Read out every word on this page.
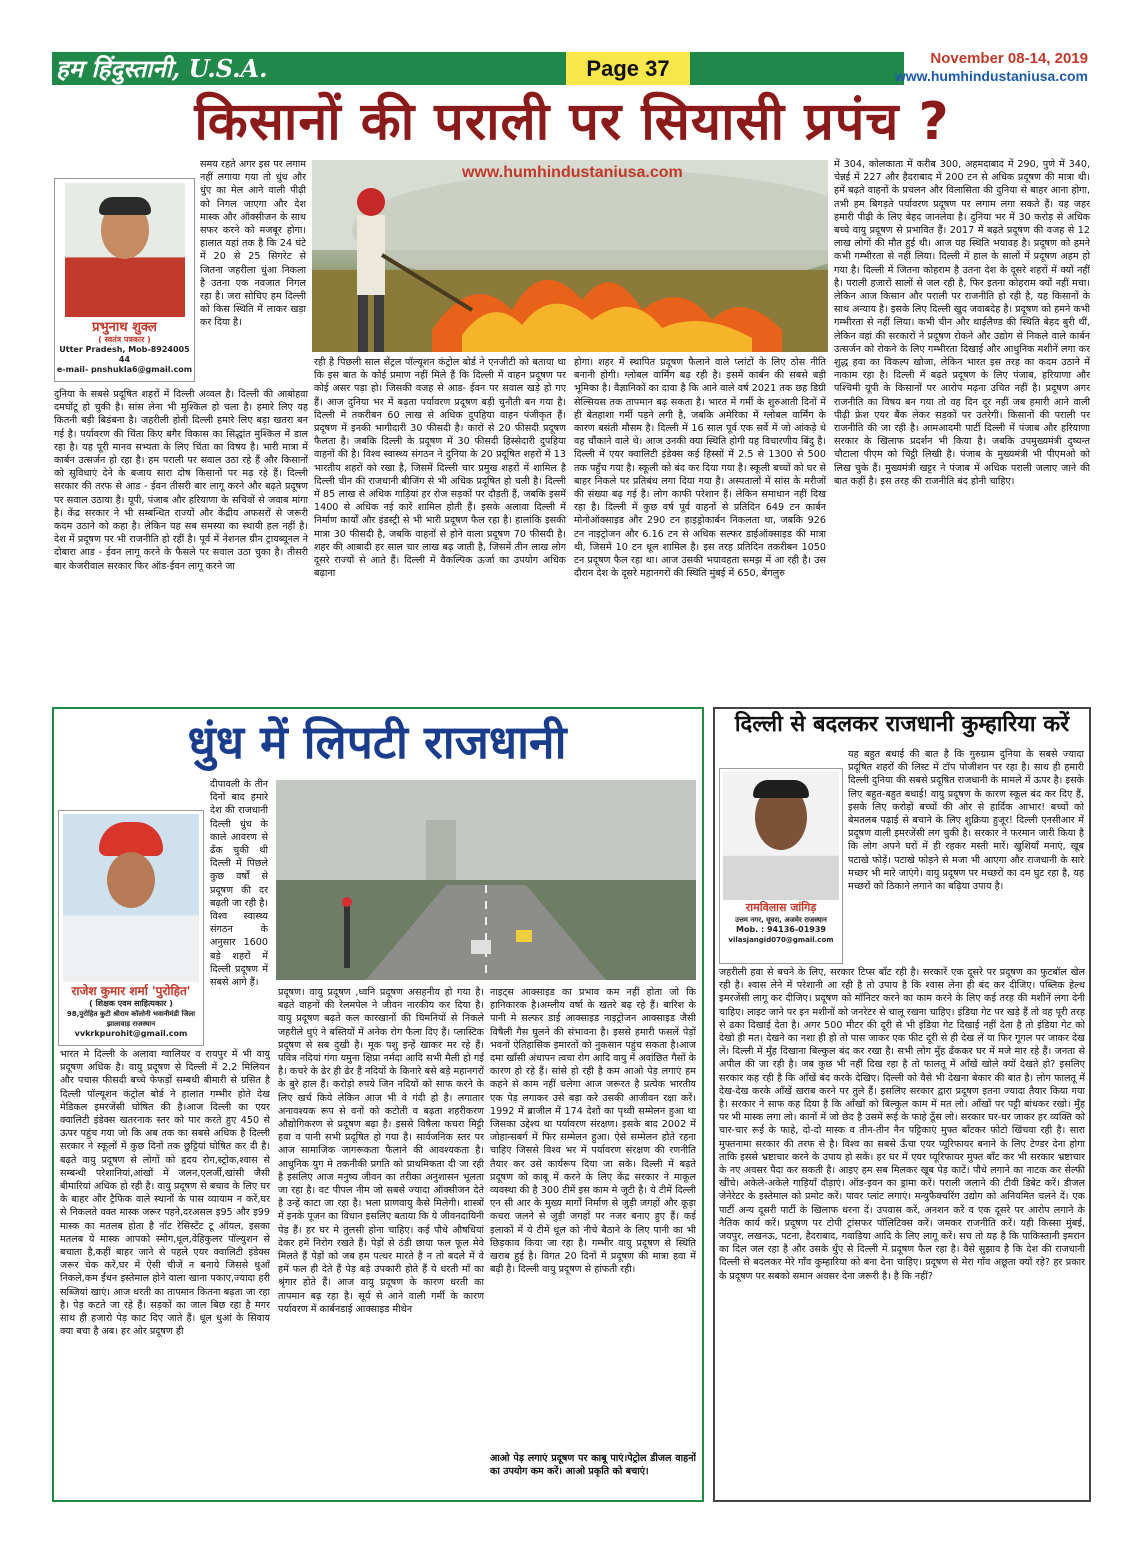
हम हिंदुस्तानी, U.S.A.	Page 37	November 08-14, 2019
www.humhindustaniusa.com
किसानों की पराली पर सियासी प्रपंच ?
www.humhindustaniusa.com
प्रभुनाथ शुक्ल
( स्वतंत्र पत्रकार )
Utter Pradesh, Mob-8924005 44
e-mail- pnshukla6@gmail.com
समय रहते अगर इस पर लगाम नहीं लगाया गया तो धुंध और धुंए का मेल आने वाली पीढ़ी को निगल जाएगा और देश मास्क और ऑक्सीजन के साथ सफर करने को मजबूर होगा। हालात यहां तक है कि 24 घंटे में 20 से 25 सिगरेट से जितना जहरीला धुंआ निकला है उतना एक नवजात निगल रहा है। जरा सोचिए हम दिल्ली को किस स्थिति में लाकर खड़ा कर दिया है।
दुनिया के सबसे प्रदूषित शहरों में दिल्ली अव्वल है। दिल्ली की आबोहवा दमघोंटू हो चुकी है। सांस लेना भी मुश्किल हो चला है। हमारे लिए यह कितनी बड़ी बिडंबना है। जहरीली होती दिल्ली हमारे लिए बड़ा खतरा बन गई है। पर्यावरण की चिंता किए बगैर विकास का सिद्धांत मुश्किल में डाल रहा है। यह पूरी मानव सभ्यता के लिए चिंता का विषय है। भारी मात्रा में कार्बन उत्सर्जन हो रहा है। हम पराली पर सवाल उठा रहे हैं और किसानों को सुविधाएं देने के बजाय सारा दोष किसानों पर मढ़ रहे हैं। दिल्ली सरकार की तरफ से आड - ईवन तीसरी बार लागू करने और बढ़ते प्रदूषण पर सवाल उठाया है। यूपी, पंजाब और हरियाणा के सचिवों से जवाब मांगा है। केंद्र सरकार ने भी सम्बन्धित राज्यों और केंद्रीय अफसरों से जरूरी कदम उठाने को कहा है। लेकिन यह सब समस्या का स्थायी हल नहीं है। देश में प्रदूषण पर भी राजनीति हो रहीं है। पूर्व में नेशनल ग्रीन ट्रायब्यूनल ने दोबारा आड - ईवन लागू करने के फैसले पर सवाल उठा चुका है। तीसरी बार केजरीवाल सरकार फिर ऑड-ईवन लागू करने जा
रही है पिछली साल सेंट्रल पॉल्यूशन कंट्रोल बोर्ड ने एनजीटी को बताया था कि इस बात के कोई प्रमाण नहीं मिले हैं कि दिल्ली में वाहन प्रदूषण पर कोई असर पड़ा हो। जिसकी वजह से आड- ईवन पर सवाल खड़े हो गए हैं। आज दुनिया भर में बढ़ता पर्यावरण प्रदूषण बड़ी चुनौती बन गया है। दिल्ली में तकरीबन 60 लाख से अधिक दुपहिया वाहन पंजीकृत हैं। प्रदूषण में इनकी भागीदारी 30 फीसदी है। कारों से 20 फीसदी प्रदूषण फैलता है। जबकि दिल्ली के प्रदूषण में 30 फीसदी हिस्सेदारी दुपहिया वाहनों की है। विश्व स्वास्थ्य संगठन ने दुनिया के 20 प्रदूषित शहरों में 13 भारतीय शहरों को रखा है, जिसमें दिल्ली चार प्रमुख शहरों में शामिल है दिल्ली चीन की राजधानी बीजिंग से भी अधिक प्रदूषित हो चली है। दिल्ली में 85 लाख से अधिक गाड़ियां हर रोज सड़कों पर दौड़ती हैं, जबकि इसमें 1400 से अधिक नई कारें शामिल होती हैं। इसके अलावा दिल्ली में निर्माण कार्यों और इंडस्ट्री से भी भारी प्रदूषण फैल रहा है। हालांकि इसकी मात्रा 30 फीसदी है, जबकि वाहनों से होने वाला प्रदूषण 70 फीसदी है। शहर की आबादी हर साल चार लाख बढ़ जाती है, जिसमें तीन लाख लोग दूसरे राज्यों से आते हैं। दिल्ली में वैकल्पिक ऊर्जा का उपयोग अधिक बढ़ाना
होगा। शहर में स्थापित प्रदूषण फैलाने वाले प्लांटों के लिए ठोस नीति बनानी होगी। ग्लोबल वार्मिंग बढ़ रही है। इसमें कार्बन की सबसे बड़ी भूमिका है। वैज्ञानिकों का दावा है कि आने वाले वर्ष 2021 तक छह डिग्री सेल्सियस तक तापमान बढ़ सकता है। भारत में गर्मी के शुरुआती दिनों में ही बेतहाशा गर्मी पड़ने लगी है, जबकि अमेरिका में ग्लोबल वार्मिंग के कारण बसंती मौसम है। दिल्ली में 16 साल पूर्व एक सर्वे में जो आंकड़े थे वह चौंकाने वाले थे। आज उनकी क्या स्थिति होगी यह विचारणीय बिंदु है। दिल्ली में एयर क्वालिटी इंडेक्स कई हिस्सों में 2.5 से 1300 से 500 तक पहुँच गया है। स्कूली को बंद कर दिया गया है। स्कूली बच्चों को घर से बाहर निकले पर प्रतिबंध लगा दिया गया है। अस्पतालों में सांस के मरीजों की संख्या बढ़ गई है। लोग काफी परेशान हैं। लेकिन समाधान नहीं दिख रहा है। दिल्ली में कुछ वर्ष पूर्व वाहनों से प्रतिदिन 649 टन कार्बन मोनोऑक्साइड और 290 टन हाइड्रोकार्बन निकलता था, जबकि 926 टन नाइट्रोजन और 6.16 टन से अधिक सल्फर डाईऑक्साइड की मात्रा थी, जिसमें 10 टन धूल शामिल है। इस तरह प्रतिदिन तकरीबन 1050 टन प्रदूषण फैल रहा था। आज उसकी भयावहता समझ में आ रही है। उस दौरान देश के दूसरे महानगरों की स्थिति मुंबई में 650, बेंगलुरु
में 304, कोलकाता में करीब 300, अहमदाबाद में 290, पुणे में 340, चेन्नई में 227 और हैदराबाद में 200 टन से अधिक प्रदूषण की मात्रा थी। हमें बढ़ते वाहनों के प्रचलन और विलासिता की दुनिया से बाहर आना होगा, तभी हम बिगड़ते पर्यावरण प्रदूषण पर लगाम लगा सकते हैं। यह जहर हमारी पीढ़ी के लिए बेहद जानलेवा है। दुनिया भर में 30 करोड़ से अधिक बच्चे वायु प्रदूषण से प्रभावित हैं। 2017 में बढ़ते प्रदूषण की वजह से 12 लाख लोगों की मौत हुई थी। आज यह स्थिति भयावह है। प्रदूषण को हमने कभी गम्भीरता से नहीं लिया। दिल्ली में हाल के सालों में प्रदूषण अहम हो गया है। दिल्ली में जितना कोहराम है उतना देश के दूसरे शहरों में क्यों नहीं है। पराली हजारों सालों से जल रही है, फिर इतना कोहराम क्यों नहीं मचा। लेकिन आज किसान और पराली पर राजनीति हो रही है, यह किसानों के साथ अन्याय है। इसके लिए दिल्ली खुद जवाबदेह है। प्रदूषण को हमने कभी गम्भीरता से नहीं लिया। कभी चीन और थाईलैण्ड की स्थिति बेहद बुरी थीं, लेकिन वहां की सरकारों ने प्रदूषण रोकने और उद्योग से निकले वाले कार्बन उत्सर्जन को रोकने के लिए गम्भीरता दिखाई और आधुनिक मशीनें लगा कर शुद्ध हवा का विकल्प खोजा, लेकिन भारत इस तरह का कदम उठाने में नाकाम रहा है। दिल्ली में बढ़ते प्रदूषण के लिए पंजाब, हरियाणा और पश्चिमी यूपी के किसानों पर आरोप मढ़ना उचित नहीं है। प्रदूषण अगर राजनीति का विषय बन गया तो वह दिन दूर नहीं जब हमारी आने वाली पीढ़ी फ्रेश एयर बैंक लेकर सड़कों पर उतरेगी। किसानों की पराली पर राजनीति की जा रही है। आमआदमी पार्टी दिल्ली में पंजाब और हरियाणा सरकार के खिलाफ प्रदर्शन भी किया है। जबकि उपमुख्यमंत्री दुष्यन्त चौटाला पीएम को चिट्ठी लिखी है। पंजाब के मुख्यमंत्री भी पीएमओ को लिख चुके हैं। मुख्यमंत्री खट्टर ने पंजाब में अधिक पराली जलाए जाने की बात कहीं है। इस तरह की राजनीति बंद होनी चाहिए।
धुंध में लिपटी राजधानी
राजेश कुमार शर्मा 'पुरोहित'
( शिक्षक एवम साहित्यकार )
98,पुरोहित कुटी श्रीराम कॉलोनी भवानीमंडी जिला झालावाड़ राजस्थान
vvkrkpurohit@gmail.com
दीपावली के तीन दिनों बाद हमारे देश की राजधानी दिल्ली धुंध के काले आवरण से ढँक चुकी थी दिल्ली में पिछले कुछ वर्षों से प्रदूषण की दर बढ़ती जा रही है। विश्व स्वास्थ्य संगठन के अनुसार 1600 बड़े शहरों में दिल्ली प्रदूषण में सबसे आगे हैं।
भारत मे दिल्ली के अलावा ग्वालियर व रायपुर में भी वायु प्रदूषण अधिक है। वायु प्रदूषण से दिल्ली में 2.2 मिलियन और पचास फीसदी बच्चे फेफड़ों सम्बधी बीमारी से ग्रसित है दिल्ली पॉल्यूशन कंट्रोल बोर्ड ने हालात गम्भीर होते देख मेडिकल इमरजेंसी घोषित की है।आज दिल्ली का एयर क्वालिटी इंडेक्स खतरनाक स्तर को पार करते हुए 450 से ऊपर पहुंच गया जो कि अब तक का सबसे अधिक है दिल्ली सरकार ने स्कूलों में कुछ दिनों तक छुट्टियां घोषित कर दी है। बढ़ते वायु प्रदूषण से लोगों को हृदय रोग,स्ट्रोक,श्वास से सम्बन्धी परेशानियां,आंखों में जलन,एलर्जी,खांसी जैसी बीमारियां अधिक हो रही है। वायु प्रदूषण से बचाव के लिए घर के बाहर और ट्रैफिक वाले स्थानों के पास व्यायाम न करें,घर से निकलते वक्त मास्क जरूर पहने,दरअसल इ95 और इ99 मास्क का मतलब होता है नॉट रेसिस्टेंट टू ऑयल, इसका मतलब ये मास्क आपको स्मोग,धूल,वेहिकुलर पॉल्युशन से बचाता है,कहीं बाहर जाने से पहले एयर क्वालिटी इंडेक्स जरूर चेक करें,घर में ऐसी चीजें न बनाये जिससे धुआँ निकले,कम ईंधन इस्तेमाल होने वाला खाना पकाए,ज्यादा हरी सब्जियां खाएं। आज धरती का तापमान कितना बढ़ता जा रहा है। पेड़ कटते जा रहे हैं। सड़कों का जाल बिछ रहा है मगर साथ ही हजारो पेड़ काट दिए जाते हैं। धूल धुआं के सिवाय क्या बचा है अब। हर ओर प्रदूषण ही
प्रदूषण। वायु प्रदूषण ,ध्वनि प्रदूषण असहनीय हो गया है। बढ़ते वाहनों की रेलमपेल ने जीवन नारकीय कर दिया है। वायु प्रदूषण बढ़ते कल कारखानों की चिमनियों से निकले जहरीले धुएं ने बस्तियों में अनेक रोग फैला दिए हैं। प्लास्टिक प्रदूषण से सब दुखी है। मूक पशु इन्हें खाकर मर रहे हैं। पवित्र नदियां गंगा यमुना क्षिप्रा नर्मदा आदि सभी मैली हो गई है। कचरे के ढेर ही ढेर हैं नदियों के किनारे बसे बड़े महानगरों के बुरे हाल हैं। करोड़ो रुपये जिन नदियों को साफ करने के लिए खर्च किये लेकिन आज भी वे गंदी हो है। लगातार अनावश्यक रूप से वनों को कटोती व बढ़ता शहरीकरण औद्योगिकरण से प्रदूषण बढ़ा है। इससे विषैला कचरा मिट्टी हवा व पानी सभी प्रदूषित हो गया है। सार्वजनिक स्तर पर आज सामाजिक जागरूकता फैलाने की आवश्यकता है। आधुनिक युग मे तकनीकी प्रगति को प्राथमिकता दी जा रही है इसलिए आज मनुष्य जीवन का तरीका अनुशासन भूलता जा रहा है। वट पीपल नीम जो सबसे ज्यादा ऑक्सीजन देते है उन्हें काटा जा रहा है। भला प्राणवायु कैसे मिलेगी। शास्त्रों में इनके पूजन का विधान इसलिए बताया कि ये जीवनदायिनी पेड़ हैं। हर घर मे तुलसी होना चाहिए। कई पौधे औषधियां देकर हमें निरोग रखते हैं। पेड़ों से ठंडी छाया फल फूल मेवे मिलते हैं पेड़ों को जब हम पत्थर मारते है न तो बदले में वे हमें फल ही देते हैं पेड़ बड़े उपकारी होते हैं ये धरती माँ का श्रृंगार होते हैं। आज वायु प्रदूषण के कारण धरती का तापमान बढ़ रहा है। सूर्य से आने वाली गर्मी के कारण पर्यावरण में कार्बनडाई आक्साइड मीथेन
नाइट्स आक्साइड का प्रभाव कम नहीं होता जो कि हानिकारक है।अम्लीय वर्षा के खतरे बढ़ रहे हैं। बारिश के पानी मे सल्फर डाई आक्साइड नाइट्रोजन आक्साइड जैसी विषैली गैस घुलने की संभावना है। इससे हमारी फसलें पेड़ों भवनों ऐतिहासिक इमारतों को नुकसान पहुंच सकता है।आज दमा खाँसी अंधापन त्वचा रोग आदि वायु में अवांछित गैसों के कारण हो रहे हैं। सांसे हो रही है कम आओ पेड़ लगाएं हम कहने से काम नहीं चलेगा आज जरूरत है प्रत्येक भारतीय एक पेड़ लगाकर उसे बड़ा करे उसकी आजीवन रक्षा करें। 1992 में ब्राजील में 174 देशों का पृथ्वी सम्मेलन हुआ था जिसका उद्देश्य था पर्यावरण संरक्षण। इसके बाद 2002 में जोहान्सबर्ग में फिर सम्मेलन हुआ। ऐसे सम्मेलन होते रहना चाहिए जिससे विश्व भर में पर्यावरण संरक्षण की रणनीति तैयार कर उसे कार्यरूप दिया जा सके। दिल्ली में बढ़ते प्रदूषण को काबू में करने के लिए केंद्र सरकार ने माकूल व्यवस्था की है 300 टीमें इस काम मे जुटी है। ये टीमें दिल्ली एन सी आर के मुख्य मार्गों निर्माण से जुड़ी जगहों और कूड़ा कचरा जलने से जुड़ी जगहों पर नजर बनाए हुए हैं। कई इलाकों में ये टीमें धूल को नीचे बैठाने के लिए पानी का भी छिड़काव किया जा रहा है। गम्भीर वायु प्रदूषण से स्थिति खराब हुई है। विगत 20 दिनों में प्रदूषण की मात्रा हवा में बढ़ी है। दिल्ली वायु प्रदूषण से हांफती रही।
आओ पेड़ लगाएं प्रदूषण पर काबू पाएं।पेट्रोल डीजल वाहनों का उपयोग कम करें। आओ प्रकृति को बचाएं।
दिल्ली से बदलकर राजधानी कुम्हारिया करें
रामविलास जांगिड़
उत्तम नगर, घूघरा, अजमेर राजस्थान
Mob. : 94136-01939
vilasjangid070@gmail.com
यह बहुत बधाई की बात है कि गुरुग्राम दुनिया के सबसे ज्यादा प्रदूषित शहरों की लिस्ट में टॉप पोजीशन पर रहा है। साथ ही हमारी दिल्ली दुनिया की सबसे प्रदूषित राजधानी के मामले में ऊपर है। इसके लिए बहुत-बहुत बधाई! वायु प्रदूषण के कारण स्कूल बंद कर दिए हैं, इसके लिए करोड़ों बच्चों की ओर से हार्दिक आभार! बच्चों को बेमतलब पढ़ाई से बचाने के लिए शुक्रिया हुजूर! दिल्ली एनसीआर में प्रदूषण वाली इमरजेंसी लग चुकी है। सरकार ने फरमान जारी किया है कि लोग अपने घरों में ही रहकर मस्ती मारें। खुशियाँ मनाएं, खूब पटाखे फोड़ें। पटाखे फोड़ने से मजा भी आएगा और राजधानी के सारे मच्छर भी मारे जाएंगे। वायु प्रदूषण पर मच्छरों का दम घुट रहा है, यह मच्छरों को ठिकाने लगाने का बढ़िया उपाय है।
जहरीली हवा से बचने के लिए, सरकार टिप्स बाँट रही है। सरकारें एक दूसरे पर प्रदूषण का फुटबॉल खेल रही है। श्वास लेने में परेशानी आ रही है तो उपाय है कि श्वास लेना ही बंद कर दीजिए। पब्लिक हेल्थ इमरजेंसी लागू कर दीजिए। प्रदूषण को मॉनिटर करने का काम करने के लिए कई तरह की मशीनें लगा देनी चाहिए। लाइट जाने पर इन मशीनों को जनरेटर से चालू रखना चाहिए। इंडिया गेट पर खड़े हैं तो वह पूरी तरह से ढका दिखाई देता है। अगर 500 मीटर की दूरी से भी इंडिया गेट दिखाई नहीं देता है तो इंडिया गेट को देखो ही मत। देखने का नशा ही हो तो पास जाकर एक फीट दूरी से ही देख लें या फिर गूगल पर जाकर देख लें। दिल्ली में मुँह दिखाना बिल्कुल बंद कर रखा है। सभी लोग मुँह ढँककर घर में मजे मार रहे हैं। जनता से अपील की जा रही है। जब कुछ भी नहीं दिख रहा है तो फालतू में आँखें खोले क्यों देखते हो? इसलिए सरकार कह रही है कि आँखें बंद करके देखिए। दिल्ली को वैसे भी देखना बेकार की बात है। लोग फालतू में देख-देख करके आँखें खराब करने पर तुले हैं। इसलिए सरकार द्वारा प्रदूषण इतना ज्यादा तैयार किया गया है। सरकार ने साफ कह दिया है कि आँखों को बिल्कुल काम में मत लो। आँखों पर पट्टी बांधकर रखो। मुँह पर भी मास्क लगा लो। कानों में जो छेद है उसमें रूई के फाहे ठूँस लो। सरकार घर-घर जाकर हर व्यक्ति को चार-चार रूई के फाहे, दो-दो मास्क व तीन-तीन नैन पट्टिकाएं मुफ्त बाँटकर फोटो खिंचवा रही है। सारा मुफ्तनामा सरकार की तरफ से है। विश्व का सबसे ऊँचा एयर प्यूरिफायर बनाने के लिए टेण्डर देना होगा ताकि इससे भ्रष्टाचार करने के उपाय हो सकें। हर घर में एयर प्यूरिफायर मुफ्त बाँट कर भी सरकार भ्रष्टाचार के नए अवसर पैदा कर सकती है। आइए हम सब मिलकर खूब पेड़ काटें। पौधे लगाने का नाटक कर सेल्फी खींचे। अकेले-अकेले गाड़ियाँ दौड़ाएं। ऑड-इवन का ड्रामा करें। पराली जलाने की टीवी डिबेट करें। डीजल जेनेरेटर के इस्तेमाल को प्रमोट करें। पावर प्लांट लगाएं। मन्युफैक्चरिंग उद्योग को अनियमित चलने दें। एक पार्टी अन्य दूसरी पार्टी के खिलाफ धरना दें। उपवास करें, अनशन करें व एक दूसरे पर आरोप लगाने के नैतिक कार्य करें। प्रदूषण पर टोपी ट्रांसफर पॉलिटिक्स करें। जमकर राजनीति करें। यही किस्सा मुंबई, जयपुर, लखनऊ, पटना, हैदराबाद, गवाड़िया आदि के लिए लागू करें। सच तो यह है कि पाकिस्तानी इमरान का दिल जल रहा है और उसके धुँए से दिल्ली में प्रदूषण फैल रहा है। वैसे सुझाव है कि देश की राजधानी दिल्ली से बदलकर मेरे गाँव कुम्हारिया को बना देना चाहिए। प्रदूषण से मेरा गाँव अछूता क्यों रहे? हर प्रकार के प्रदूषण पर सबको समान अवसर देना जरूरी है। है कि नहीं?
